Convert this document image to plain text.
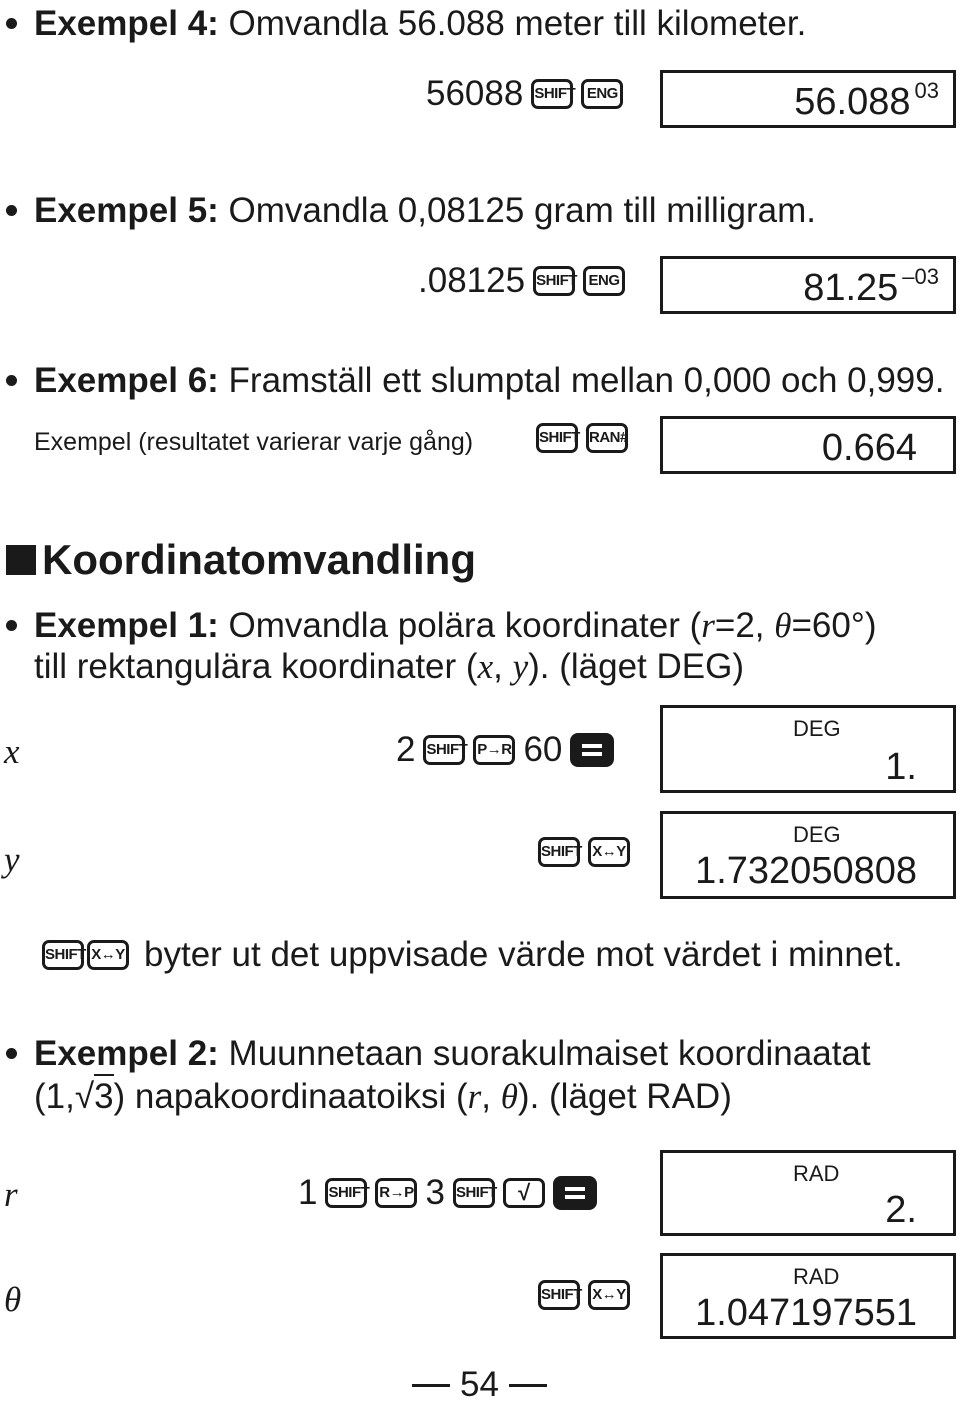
Exempel 4: Omvandla 56.088 meter till kilometer.
56088 SHIFT ENG	56.088 $^{03}$
Exempel 5: Omvandla 0,08125 gram till milligram.
.08125 SHIFT ENG	81.25 $^{-03}$
Exempel 6: Framställ ett slumptal mellan 0,000 och 0,999.
Exempel (resultatet varierar varje gång)	SHIFT RAN#	0.664
Koordinatomvandling
Exempel 1: Omvandla polära koordinater (r=2, θ=60°)
till rektangulära koordinater (x, y). (läget DEG)
x	2 SHIFT P→R 60
DEG
1.
y	SHIFT X↔Y
DEG
1.732050808
SHIFT X↔Y byter ut det uppvisade värde mot värdet i minnet.
Exempel 2: Muunnetaan suorakulmaiset koordinaatat
(1,√3) napakoordinaatoiksi (r, θ). (läget RAD)
r	1 SHIFT R→P 3 SHIFT √
RAD
2.
θ	SHIFT X↔Y
RAD
1.047197551
54
